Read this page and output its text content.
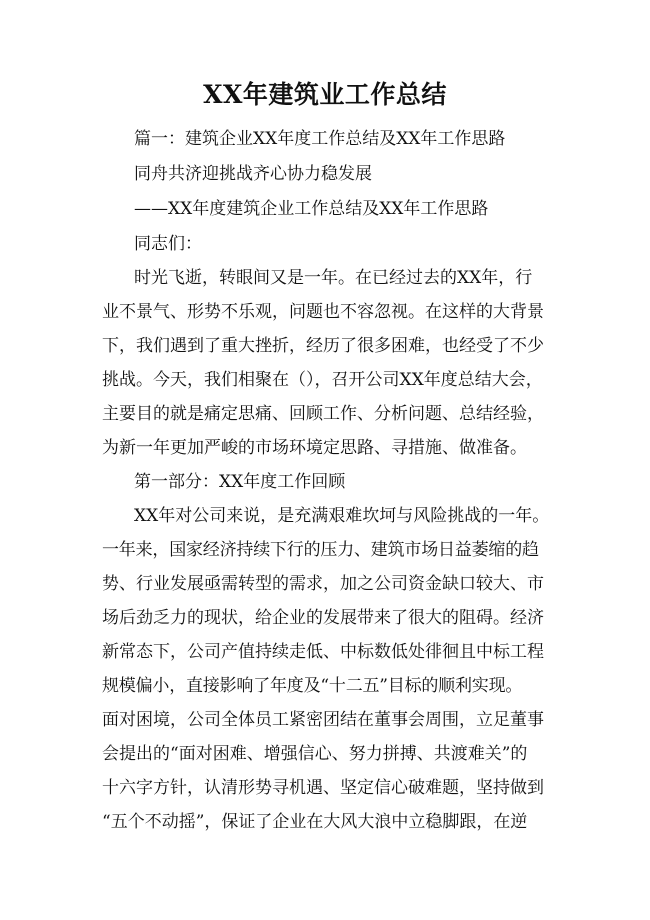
XX年建筑业工作总结
篇一：建筑企业XX年度工作总结及XX年工作思路
同舟共济迎挑战齐心协力稳发展
——XX年度建筑企业工作总结及XX年工作思路
同志们：
时光飞逝，转眼间又是一年。在已经过去的XX年，行
业不景气、形势不乐观，问题也不容忽视。在这样的大背景
下，我们遇到了重大挫折，经历了很多困难，也经受了不少
挑战。今天，我们相聚在（），召开公司XX年度总结大会，
主要目的就是痛定思痛、回顾工作、分析问题、总结经验，
为新一年更加严峻的市场环境定思路、寻措施、做准备。
第一部分：XX年度工作回顾
XX年对公司来说，是充满艰难坎坷与风险挑战的一年。
一年来，国家经济持续下行的压力、建筑市场日益萎缩的趋
势、行业发展亟需转型的需求，加之公司资金缺口较大、市
场后劲乏力的现状，给企业的发展带来了很大的阻碍。经济
新常态下，公司产值持续走低、中标数低处徘徊且中标工程
规模偏小，直接影响了年度及“十二五”目标的顺利实现。
面对困境，公司全体员工紧密团结在董事会周围，立足董事
会提出的“面对困难、增强信心、努力拼搏、共渡难关”的
十六字方针，认清形势寻机遇、坚定信心破难题，坚持做到
“五个不动摇”，保证了企业在大风大浪中立稳脚跟，在逆
